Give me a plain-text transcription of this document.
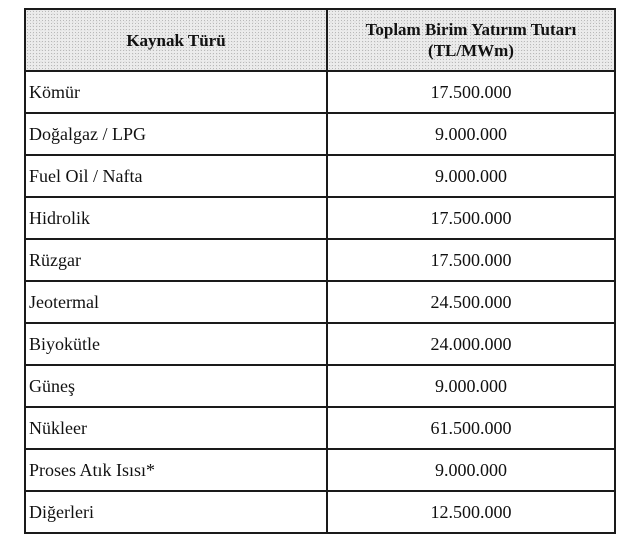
Kaynak Türü	Toplam Birim Yatırım Tutarı
(TL/MWm)
Kömür	17.500.000
Doğalgaz / LPG	9.000.000
Fuel Oil / Nafta	9.000.000
Hidrolik	17.500.000
Rüzgar	17.500.000
Jeotermal	24.500.000
Biyokütle	24.000.000
Güneş	9.000.000
Nükleer	61.500.000
Proses Atık Isısı*	9.000.000
Diğerleri	12.500.000
